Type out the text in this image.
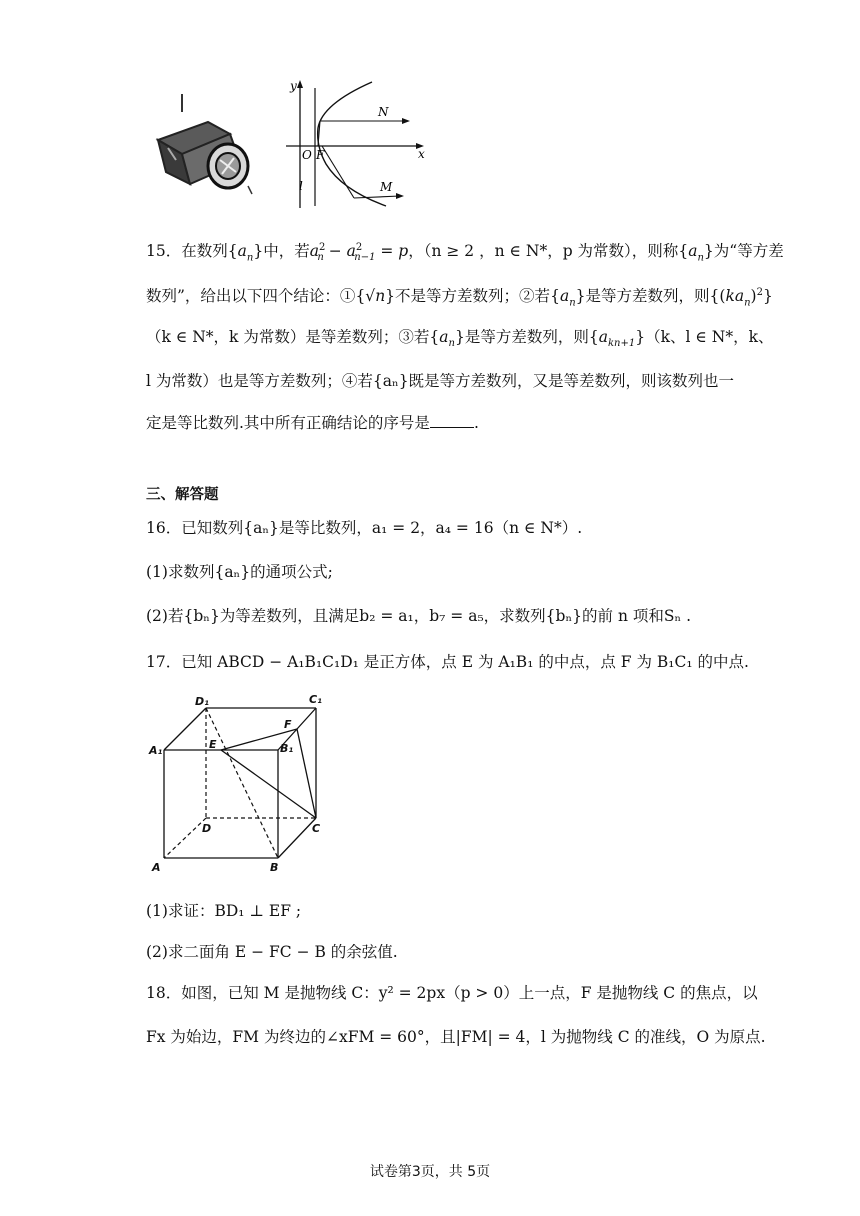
y
x
O F
l
N
M
15．在数列$\{a_n\}$中，若$a^2_n - a^2_{n-1} = p$，（n ≥ 2 ，n ∈ N*，p 为常数），则称$\{a_n\}$为“等方差
数列”，给出以下四个结论：①{√n}不是等方差数列；②若$\{a_n\}$是等方差数列，则$\{(ka_n)^2\}$
（k ∈ N*，k 为常数）是等差数列；③若$\{a_n\}$是等方差数列，则$\{a_{kn+1}\}(k$、l ∈ N*，k、
l 为常数）也是等方差数列；④若{aₙ}既是等方差数列，又是等差数列，则该数列也一
定是等比数列.其中所有正确结论的序号是	.
三、解答题
16．已知数列{aₙ}是等比数列，a₁ = 2，a₄ = 16（n ∈ N*）.
(1)求数列{aₙ}的通项公式;
(2)若{bₙ}为等差数列，且满足b₂ = a₁，b₇ = a₅，求数列{bₙ}的前 n 项和Sₙ .
17．已知 ABCD − A₁B₁C₁D₁ 是正方体，点 E 为 A₁B₁ 的中点，点 F 为 B₁C₁ 的中点.
D₁	C₁
A₁	E
F
B₁
D	C
A	B
(1)求证：BD₁ ⊥ EF ;
(2)求二面角 E − FC − B 的余弦值.
18．如图，已知 M 是抛物线 C：y² = 2px（p > 0）上一点，F 是抛物线 C 的焦点，以
Fx 为始边，FM 为终边的∠xFM = 60°，且|FM| = 4，l 为抛物线 C 的准线，O 为原点.
试卷第3页，共 5页
